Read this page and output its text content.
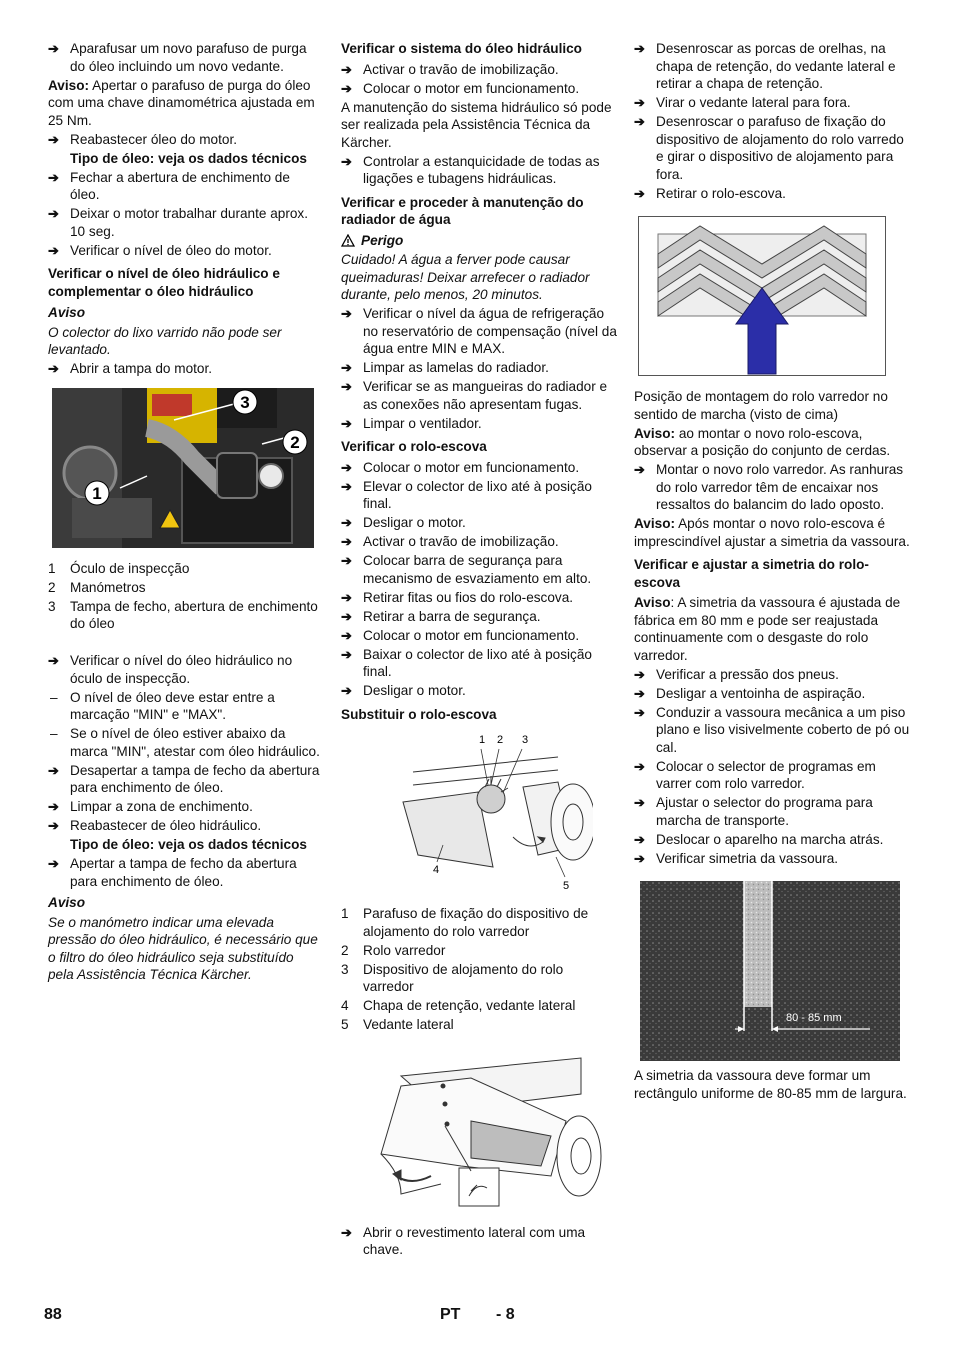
➔ Aparafusar um novo parafuso de purga do óleo incluindo um novo vedante.
Aviso: Apertar o parafuso de purga do óleo com uma chave dinamométrica ajustada em 25 Nm.
➔ Reabastecer óleo do motor.
Tipo de óleo: veja os dados técnicos
➔ Fechar a abertura de enchimento de óleo.
➔ Deixar o motor trabalhar durante aprox. 10 seg.
➔ Verificar o nível de óleo do motor.
Verificar o nível de óleo hidráulico e complementar o óleo hidráulico
Aviso
O colector do lixo varrido não pode ser levantado.
➔ Abrir a tampa do motor.
1
2
3
1	Óculo de inspecção
2	Manómetros
3	Tampa de fecho, abertura de enchimento do óleo
➔ Verificar o nível do óleo hidráulico no óculo de inspecção.
– O nível de óleo deve estar entre a marcação "MIN" e "MAX".
– Se o nível de óleo estiver abaixo da marca "MIN", atestar com óleo hidráulico.
➔ Desapertar a tampa de fecho da abertura para enchimento de óleo.
➔ Limpar a zona de enchimento.
➔ Reabastecer de óleo hidráulico.
Tipo de óleo: veja os dados técnicos
➔ Apertar a tampa de fecho da abertura para enchimento de óleo.
Aviso
Se o manómetro indicar uma elevada pressão do óleo hidráulico, é necessário que o filtro do óleo hidráulico seja substituído pela Assistência Técnica Kärcher.
Verificar o sistema do óleo hidráulico
➔ Activar o travão de imobilização.
➔ Colocar o motor em funcionamento.
A manutenção do sistema hidráulico só pode ser realizada pela Assistência Técnica da Kärcher.
➔ Controlar a estanquicidade de todas as ligações e tubagens hidráulicas.
Verificar e proceder à manutenção do radiador de água
Perigo
Cuidado! A água a ferver pode causar queimaduras! Deixar arrefecer o radiador durante, pelo menos, 20 minutos.
➔ Verificar o nível da água de refrigeração no reservatório de compensação (nível da água entre MIN e MAX.
➔ Limpar as lamelas do radiador.
➔ Verificar se as mangueiras do radiador e as conexões não apresentam fugas.
➔ Limpar o ventilador.
Verificar o rolo-escova
➔ Colocar o motor em funcionamento.
➔ Elevar o colector de lixo até à posição final.
➔ Desligar o motor.
➔ Activar o travão de imobilização.
➔ Colocar barra de segurança para mecanismo de esvaziamento em alto.
➔ Retirar fitas ou fios do rolo-escova.
➔ Retirar a barra de segurança.
➔ Colocar o motor em funcionamento.
➔ Baixar o colector de lixo até à posição final.
➔ Desligar o motor.
Substituir o rolo-escova
1 2 3
4
5
1	Parafuso de fixação do dispositivo de alojamento do rolo varredor
2	Rolo varredor
3	Dispositivo de alojamento do rolo varredor
4	Chapa de retenção, vedante lateral
5	Vedante lateral
➔ Abrir o revestimento lateral com uma chave.
➔ Desenroscar as porcas de orelhas, na chapa de retenção, do vedante lateral e retirar a chapa de retenção.
➔ Virar o vedante lateral para fora.
➔ Desenroscar o parafuso de fixação do dispositivo de alojamento do rolo varredo e girar o dispositivo de alojamento para fora.
➔ Retirar o rolo-escova.
Posição de montagem do rolo varredor no sentido de marcha (visto de cima)
Aviso: ao montar o novo rolo-escova, observar a posição do conjunto de cerdas.
➔ Montar o novo rolo varredor. As ranhuras do rolo varredor têm de encaixar nos ressaltos do balancim do lado oposto.
Aviso: Após montar o novo rolo-escova é imprescindível ajustar a simetria da vassoura.
Verificar e ajustar a simetria do rolo-escova
Aviso: A simetria da vassoura é ajustada de fábrica em 80 mm e pode ser reajustada continuamente com o desgaste do rolo varredor.
➔ Verificar a pressão dos pneus.
➔ Desligar a ventoinha de aspiração.
➔ Conduzir a vassoura mecânica a um piso plano e liso visivelmente coberto de pó ou cal.
➔ Colocar o selector de programas em varrer com rolo varredor.
➔ Ajustar o selector do programa para marcha de transporte.
➔ Deslocar o aparelho na marcha atrás.
➔ Verificar simetria da vassoura.
80 - 85 mm
A simetria da vassoura deve formar um rectângulo uniforme de 80-85 mm de largura.
88	PT - 8
